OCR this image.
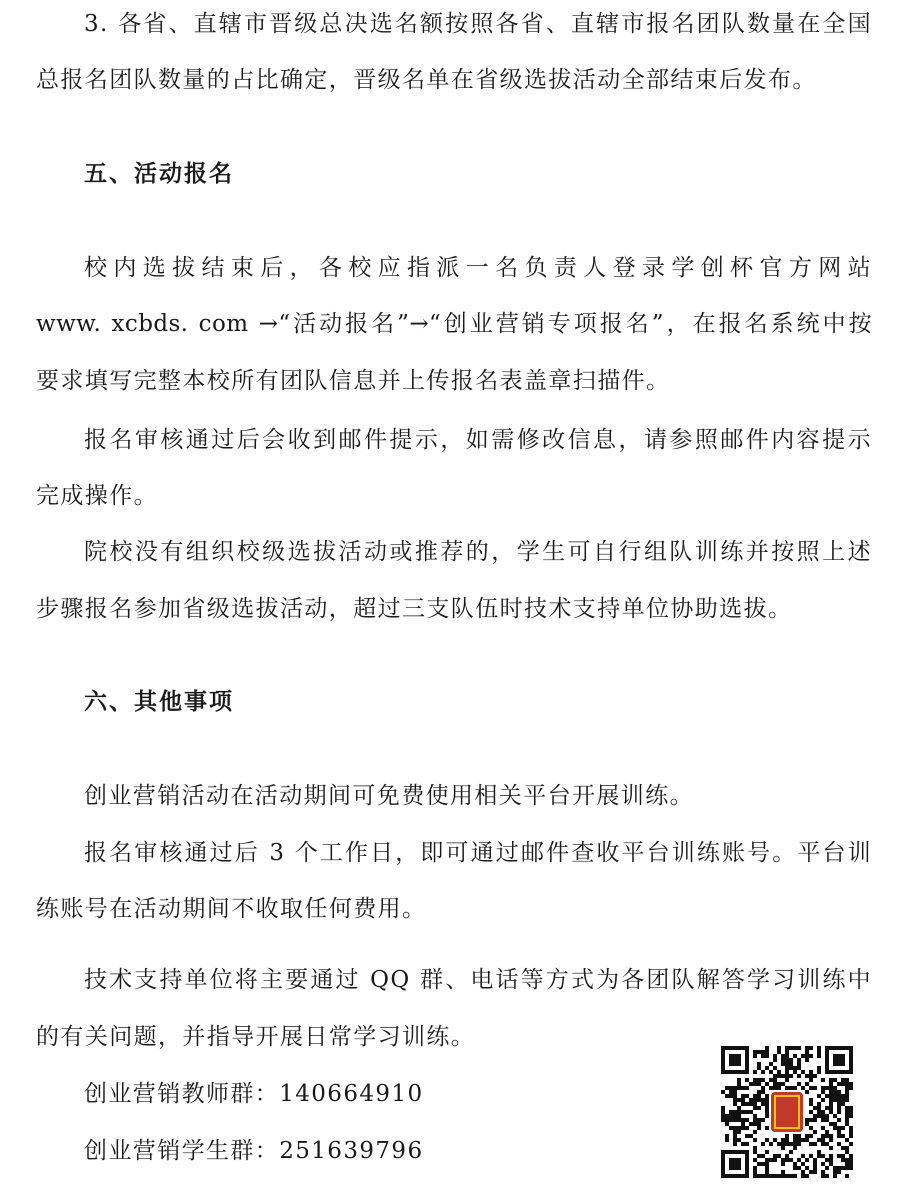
3. 各省、直辖市晋级总决选名额按照各省、直辖市报名团队数量在全国
总报名团队数量的占比确定，晋级名单在省级选拔活动全部结束后发布。
五、活动报名
校内选拔结束后，各校应指派一名负责人登录学创杯官方网站
www. xcbds. com →“活动报名”→“创业营销专项报名”，在报名系统中按
要求填写完整本校所有团队信息并上传报名表盖章扫描件。
报名审核通过后会收到邮件提示，如需修改信息，请参照邮件内容提示
完成操作。
院校没有组织校级选拔活动或推荐的，学生可自行组队训练并按照上述
步骤报名参加省级选拔活动，超过三支队伍时技术支持单位协助选拔。
六、其他事项
创业营销活动在活动期间可免费使用相关平台开展训练。
报名审核通过后 3 个工作日，即可通过邮件查收平台训练账号。平台训
练账号在活动期间不收取任何费用。
技术支持单位将主要通过 QQ 群、电话等方式为各团队解答学习训练中
的有关问题，并指导开展日常学习训练。
创业营销教师群：140664910
创业营销学生群：251639796
